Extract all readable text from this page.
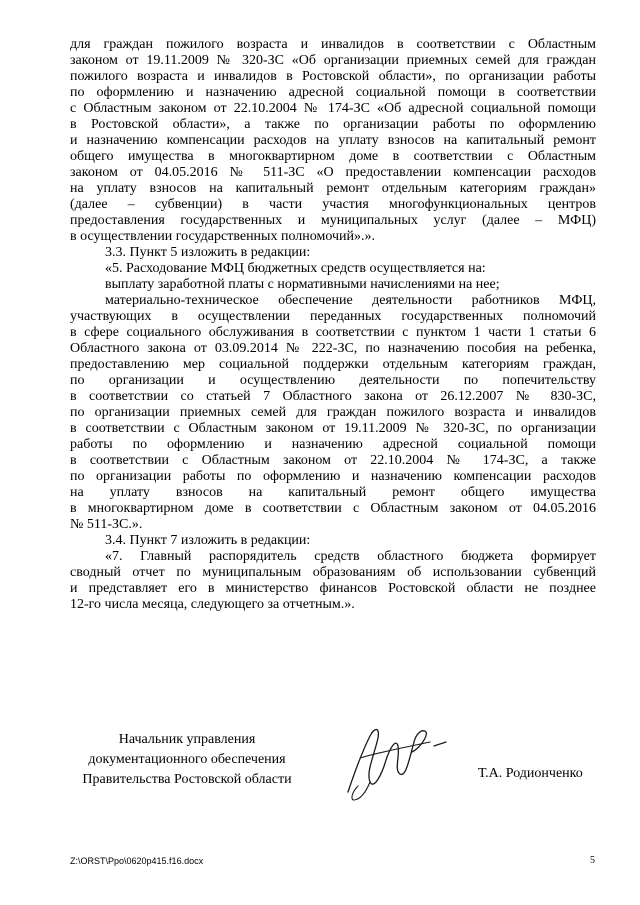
для граждан пожилого возраста и инвалидов в соответствии с Областным
законом от 19.11.2009 № 320-ЗС «Об организации приемных семей для граждан
пожилого возраста и инвалидов в Ростовской области», по организации работы
по оформлению и назначению адресной социальной помощи в соответствии
с Областным законом от 22.10.2004 № 174-ЗС «Об адресной социальной помощи
в Ростовской области», а также по организации работы по оформлению
и назначению компенсации расходов на уплату взносов на капитальный ремонт
общего имущества в многоквартирном доме в соответствии с Областным
законом от 04.05.2016 № 511-ЗС «О предоставлении компенсации расходов
на уплату взносов на капитальный ремонт отдельным категориям граждан»
(далее – субвенции) в части участия многофункциональных центров
предоставления государственных и муниципальных услуг (далее – МФЦ)
в осуществлении государственных полномочий».».
3.3. Пункт 5 изложить в редакции:
«5. Расходование МФЦ бюджетных средств осуществляется на:
выплату заработной платы с нормативными начислениями на нее;
материально-техническое обеспечение деятельности работников МФЦ,
участвующих в осуществлении переданных государственных полномочий
в сфере социального обслуживания в соответствии с пунктом 1 части 1 статьи 6
Областного закона от 03.09.2014 № 222-ЗС, по назначению пособия на ребенка,
предоставлению мер социальной поддержки отдельным категориям граждан,
по организации и осуществлению деятельности по попечительству
в соответствии со статьей 7 Областного закона от 26.12.2007 № 830-ЗС,
по организации приемных семей для граждан пожилого возраста и инвалидов
в соответствии с Областным законом от 19.11.2009 № 320-ЗС, по организации
работы по оформлению и назначению адресной социальной помощи
в соответствии с Областным законом от 22.10.2004 № 174-ЗС, а также
по организации работы по оформлению и назначению компенсации расходов
на уплату взносов на капитальный ремонт общего имущества
в многоквартирном доме в соответствии с Областным законом от 04.05.2016
№ 511-ЗС.».
3.4. Пункт 7 изложить в редакции:
«7. Главный распорядитель средств областного бюджета формирует
сводный отчет по муниципальным образованиям об использовании субвенций
и представляет его в министерство финансов Ростовской области не позднее
12-го числа месяца, следующего за отчетным.».
Начальник управления
документационного обеспечения
Правительства Ростовской области	Т.А. Родионченко
Z:\ORST\Ppo\0620p415.f16.docx	5
